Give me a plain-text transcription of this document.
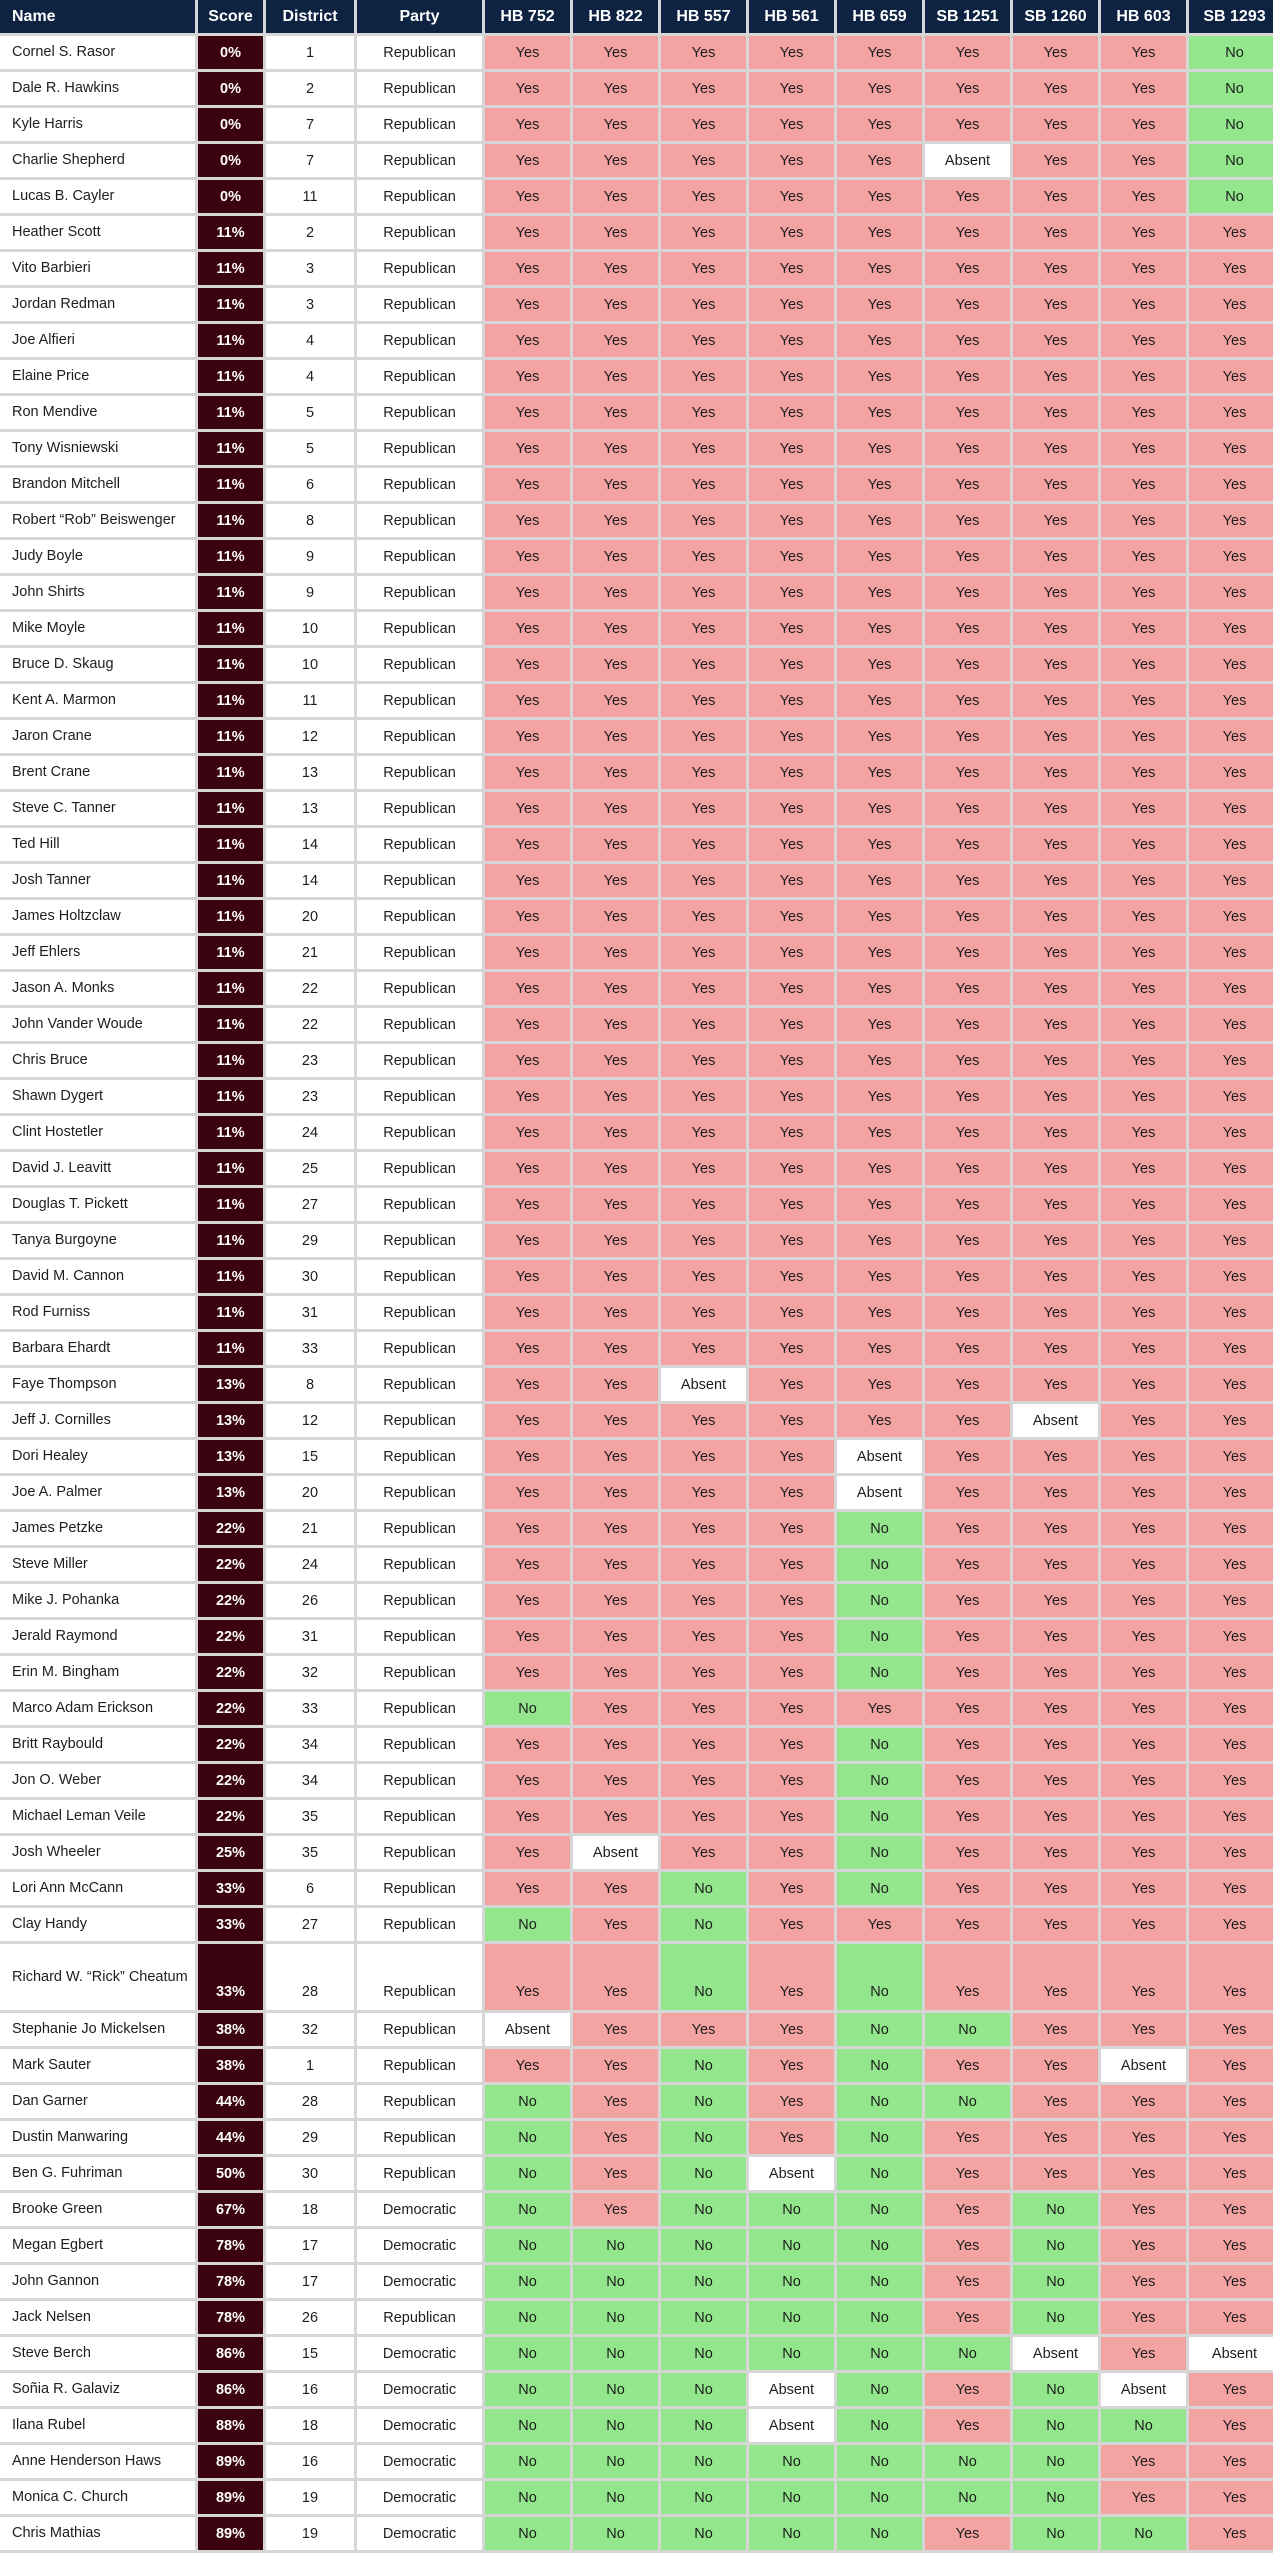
Name	Score	District	Party	HB 752	HB 822	HB 557	HB 561	HB 659	SB 1251	SB 1260	HB 603	SB 1293
Cornel S. Rasor	0%	1	Republican	Yes	Yes	Yes	Yes	Yes	Yes	Yes	Yes	No
Dale R. Hawkins	0%	2	Republican	Yes	Yes	Yes	Yes	Yes	Yes	Yes	Yes	No
Kyle Harris	0%	7	Republican	Yes	Yes	Yes	Yes	Yes	Yes	Yes	Yes	No
Charlie Shepherd	0%	7	Republican	Yes	Yes	Yes	Yes	Yes	Absent	Yes	Yes	No
Lucas B. Cayler	0%	11	Republican	Yes	Yes	Yes	Yes	Yes	Yes	Yes	Yes	No
Heather Scott	11%	2	Republican	Yes	Yes	Yes	Yes	Yes	Yes	Yes	Yes	Yes
Vito Barbieri	11%	3	Republican	Yes	Yes	Yes	Yes	Yes	Yes	Yes	Yes	Yes
Jordan Redman	11%	3	Republican	Yes	Yes	Yes	Yes	Yes	Yes	Yes	Yes	Yes
Joe Alfieri	11%	4	Republican	Yes	Yes	Yes	Yes	Yes	Yes	Yes	Yes	Yes
Elaine Price	11%	4	Republican	Yes	Yes	Yes	Yes	Yes	Yes	Yes	Yes	Yes
Ron Mendive	11%	5	Republican	Yes	Yes	Yes	Yes	Yes	Yes	Yes	Yes	Yes
Tony Wisniewski	11%	5	Republican	Yes	Yes	Yes	Yes	Yes	Yes	Yes	Yes	Yes
Brandon Mitchell	11%	6	Republican	Yes	Yes	Yes	Yes	Yes	Yes	Yes	Yes	Yes
Robert “Rob” Beiswenger	11%	8	Republican	Yes	Yes	Yes	Yes	Yes	Yes	Yes	Yes	Yes
Judy Boyle	11%	9	Republican	Yes	Yes	Yes	Yes	Yes	Yes	Yes	Yes	Yes
John Shirts	11%	9	Republican	Yes	Yes	Yes	Yes	Yes	Yes	Yes	Yes	Yes
Mike Moyle	11%	10	Republican	Yes	Yes	Yes	Yes	Yes	Yes	Yes	Yes	Yes
Bruce D. Skaug	11%	10	Republican	Yes	Yes	Yes	Yes	Yes	Yes	Yes	Yes	Yes
Kent A. Marmon	11%	11	Republican	Yes	Yes	Yes	Yes	Yes	Yes	Yes	Yes	Yes
Jaron Crane	11%	12	Republican	Yes	Yes	Yes	Yes	Yes	Yes	Yes	Yes	Yes
Brent Crane	11%	13	Republican	Yes	Yes	Yes	Yes	Yes	Yes	Yes	Yes	Yes
Steve C. Tanner	11%	13	Republican	Yes	Yes	Yes	Yes	Yes	Yes	Yes	Yes	Yes
Ted Hill	11%	14	Republican	Yes	Yes	Yes	Yes	Yes	Yes	Yes	Yes	Yes
Josh Tanner	11%	14	Republican	Yes	Yes	Yes	Yes	Yes	Yes	Yes	Yes	Yes
James Holtzclaw	11%	20	Republican	Yes	Yes	Yes	Yes	Yes	Yes	Yes	Yes	Yes
Jeff Ehlers	11%	21	Republican	Yes	Yes	Yes	Yes	Yes	Yes	Yes	Yes	Yes
Jason A. Monks	11%	22	Republican	Yes	Yes	Yes	Yes	Yes	Yes	Yes	Yes	Yes
John Vander Woude	11%	22	Republican	Yes	Yes	Yes	Yes	Yes	Yes	Yes	Yes	Yes
Chris Bruce	11%	23	Republican	Yes	Yes	Yes	Yes	Yes	Yes	Yes	Yes	Yes
Shawn Dygert	11%	23	Republican	Yes	Yes	Yes	Yes	Yes	Yes	Yes	Yes	Yes
Clint Hostetler	11%	24	Republican	Yes	Yes	Yes	Yes	Yes	Yes	Yes	Yes	Yes
David J. Leavitt	11%	25	Republican	Yes	Yes	Yes	Yes	Yes	Yes	Yes	Yes	Yes
Douglas T. Pickett	11%	27	Republican	Yes	Yes	Yes	Yes	Yes	Yes	Yes	Yes	Yes
Tanya Burgoyne	11%	29	Republican	Yes	Yes	Yes	Yes	Yes	Yes	Yes	Yes	Yes
David M. Cannon	11%	30	Republican	Yes	Yes	Yes	Yes	Yes	Yes	Yes	Yes	Yes
Rod Furniss	11%	31	Republican	Yes	Yes	Yes	Yes	Yes	Yes	Yes	Yes	Yes
Barbara Ehardt	11%	33	Republican	Yes	Yes	Yes	Yes	Yes	Yes	Yes	Yes	Yes
Faye Thompson	13%	8	Republican	Yes	Yes	Absent	Yes	Yes	Yes	Yes	Yes	Yes
Jeff J. Cornilles	13%	12	Republican	Yes	Yes	Yes	Yes	Yes	Yes	Absent	Yes	Yes
Dori Healey	13%	15	Republican	Yes	Yes	Yes	Yes	Absent	Yes	Yes	Yes	Yes
Joe A. Palmer	13%	20	Republican	Yes	Yes	Yes	Yes	Absent	Yes	Yes	Yes	Yes
James Petzke	22%	21	Republican	Yes	Yes	Yes	Yes	No	Yes	Yes	Yes	Yes
Steve Miller	22%	24	Republican	Yes	Yes	Yes	Yes	No	Yes	Yes	Yes	Yes
Mike J. Pohanka	22%	26	Republican	Yes	Yes	Yes	Yes	No	Yes	Yes	Yes	Yes
Jerald Raymond	22%	31	Republican	Yes	Yes	Yes	Yes	No	Yes	Yes	Yes	Yes
Erin M. Bingham	22%	32	Republican	Yes	Yes	Yes	Yes	No	Yes	Yes	Yes	Yes
Marco Adam Erickson	22%	33	Republican	No	Yes	Yes	Yes	Yes	Yes	Yes	Yes	Yes
Britt Raybould	22%	34	Republican	Yes	Yes	Yes	Yes	No	Yes	Yes	Yes	Yes
Jon O. Weber	22%	34	Republican	Yes	Yes	Yes	Yes	No	Yes	Yes	Yes	Yes
Michael Leman Veile	22%	35	Republican	Yes	Yes	Yes	Yes	No	Yes	Yes	Yes	Yes
Josh Wheeler	25%	35	Republican	Yes	Absent	Yes	Yes	No	Yes	Yes	Yes	Yes
Lori Ann McCann	33%	6	Republican	Yes	Yes	No	Yes	No	Yes	Yes	Yes	Yes
Clay Handy	33%	27	Republican	No	Yes	No	Yes	Yes	Yes	Yes	Yes	Yes
Richard W. “Rick” Cheatum	33%	28	Republican	Yes	Yes	No	Yes	No	Yes	Yes	Yes	Yes
Stephanie Jo Mickelsen	38%	32	Republican	Absent	Yes	Yes	Yes	No	No	Yes	Yes	Yes
Mark Sauter	38%	1	Republican	Yes	Yes	No	Yes	No	Yes	Yes	Absent	Yes
Dan Garner	44%	28	Republican	No	Yes	No	Yes	No	No	Yes	Yes	Yes
Dustin Manwaring	44%	29	Republican	No	Yes	No	Yes	No	Yes	Yes	Yes	Yes
Ben G. Fuhriman	50%	30	Republican	No	Yes	No	Absent	No	Yes	Yes	Yes	Yes
Brooke Green	67%	18	Democratic	No	Yes	No	No	No	Yes	No	Yes	Yes
Megan Egbert	78%	17	Democratic	No	No	No	No	No	Yes	No	Yes	Yes
John Gannon	78%	17	Democratic	No	No	No	No	No	Yes	No	Yes	Yes
Jack Nelsen	78%	26	Republican	No	No	No	No	No	Yes	No	Yes	Yes
Steve Berch	86%	15	Democratic	No	No	No	No	No	No	Absent	Yes	Absent
Soñia R. Galaviz	86%	16	Democratic	No	No	No	Absent	No	Yes	No	Absent	Yes
Ilana Rubel	88%	18	Democratic	No	No	No	Absent	No	Yes	No	No	Yes
Anne Henderson Haws	89%	16	Democratic	No	No	No	No	No	No	No	Yes	Yes
Monica C. Church	89%	19	Democratic	No	No	No	No	No	No	No	Yes	Yes
Chris Mathias	89%	19	Democratic	No	No	No	No	No	Yes	No	No	Yes
